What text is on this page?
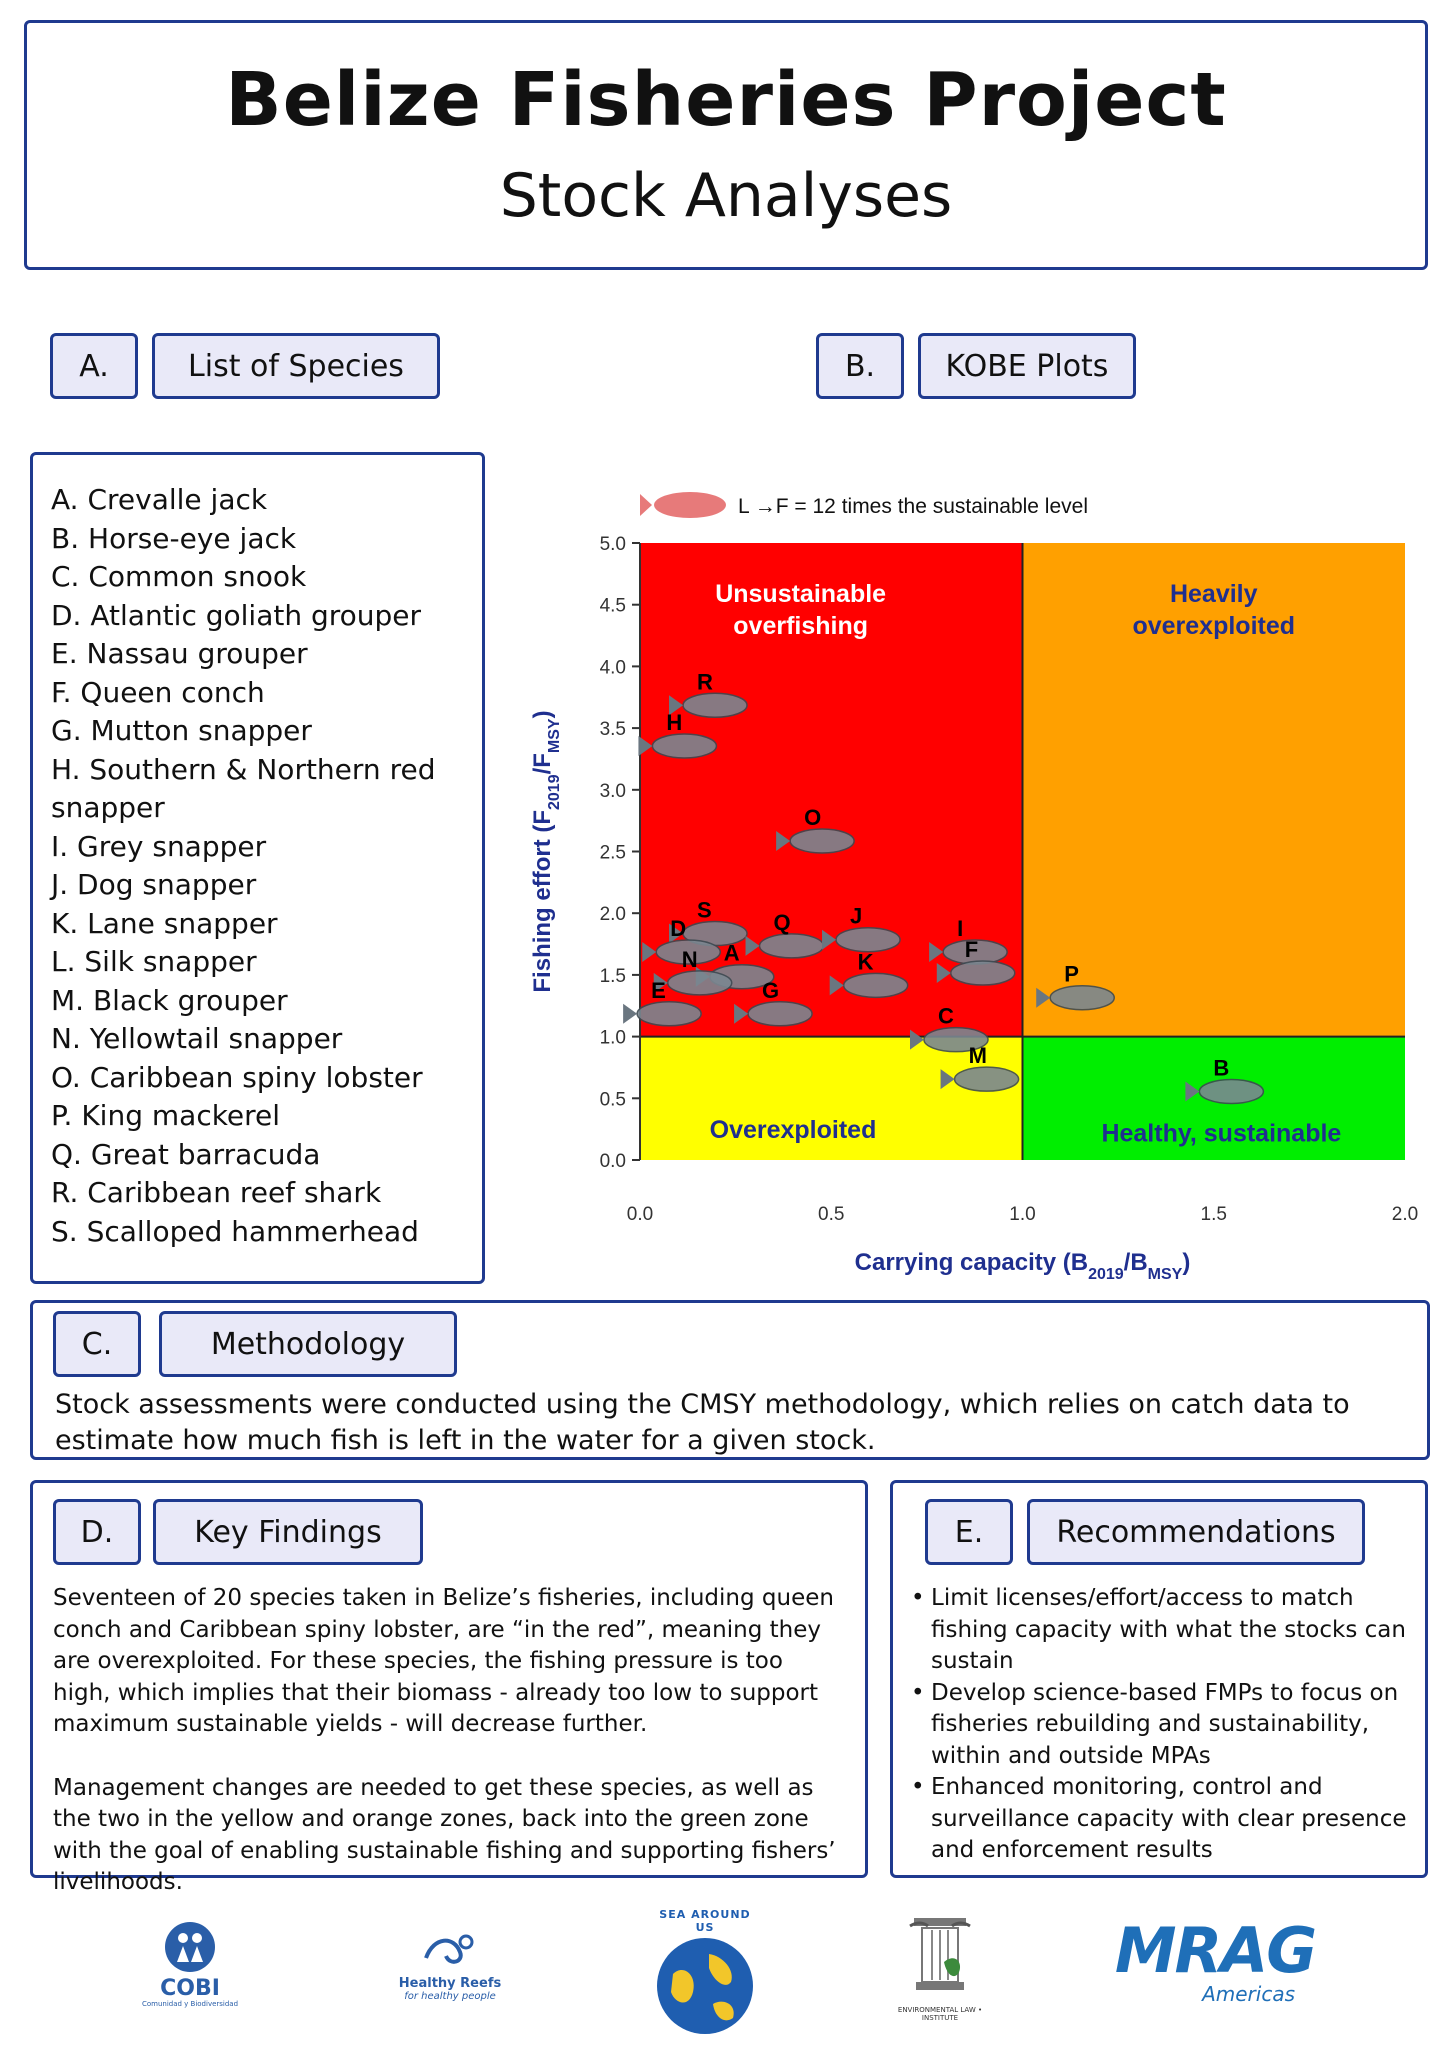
Belize Fisheries Project
Stock Analyses
A.	List of Species	B.	KOBE Plots
A. Crevalle jack
B. Horse-eye jack
C. Common snook
D. Atlantic goliath grouper
E. Nassau grouper
F. Queen conch
G. Mutton snapper
H. Southern & Northern red
snapper
I. Grey snapper
J. Dog snapper
K. Lane snapper
L. Silk snapper
M. Black grouper
N. Yellowtail snapper
O. Caribbean spiny lobster
P. King mackerel
Q. Great barracuda
R. Caribbean reef shark
S. Scalloped hammerhead
Unsustainable
overfishing
Heavily
overexploited
Overexploited	Healthy, sustainable
0.0
0.5
1.0
1.5
2.0
2.5
3.0
3.5
4.0
4.5
5.0
0.0	0.5	1.0	1.5	2.0
Carrying capacity $(B_{2019}/B_{MSY})$
Fishing effort $(F_{2019}/F_{MSY})$
L →F = 12 times the sustainable level
R
H
O
S	Q	J
D	I
A
N	K	F
P
E	G
C
M	B
C.	Methodology
Stock assessments were conducted using the CMSY methodology, which relies on catch data to estimate how much fish is left in the water for a given stock.
D.	Key Findings

Seventeen of 20 species taken in Belize’s fisheries, including queen conch and Caribbean spiny lobster, are “in the red”, meaning they are overexploited. For these species, the fishing pressure is too high, which implies that their biomass - already too low to support maximum sustainable yields - will decrease further.

Management changes are needed to get these species, as well as the two in the yellow and orange zones, back into the green zone with the goal of enabling sustainable fishing and supporting fishers’ livelihoods.

E.	Recommendations
• Limit licenses/effort/access to match fishing capacity with what the stocks can sustain
• Develop science-based FMPs to focus on fisheries rebuilding and sustainability, within and outside MPAs
• Enhanced monitoring, control and surveillance capacity with clear presence and enforcement results
COBI
Comunidad y Biodiversidad
Healthy Reefs
for healthy people
SEA AROUND US
ENVIRONMENTAL LAW • INSTITUTE
MRAG
Americas
